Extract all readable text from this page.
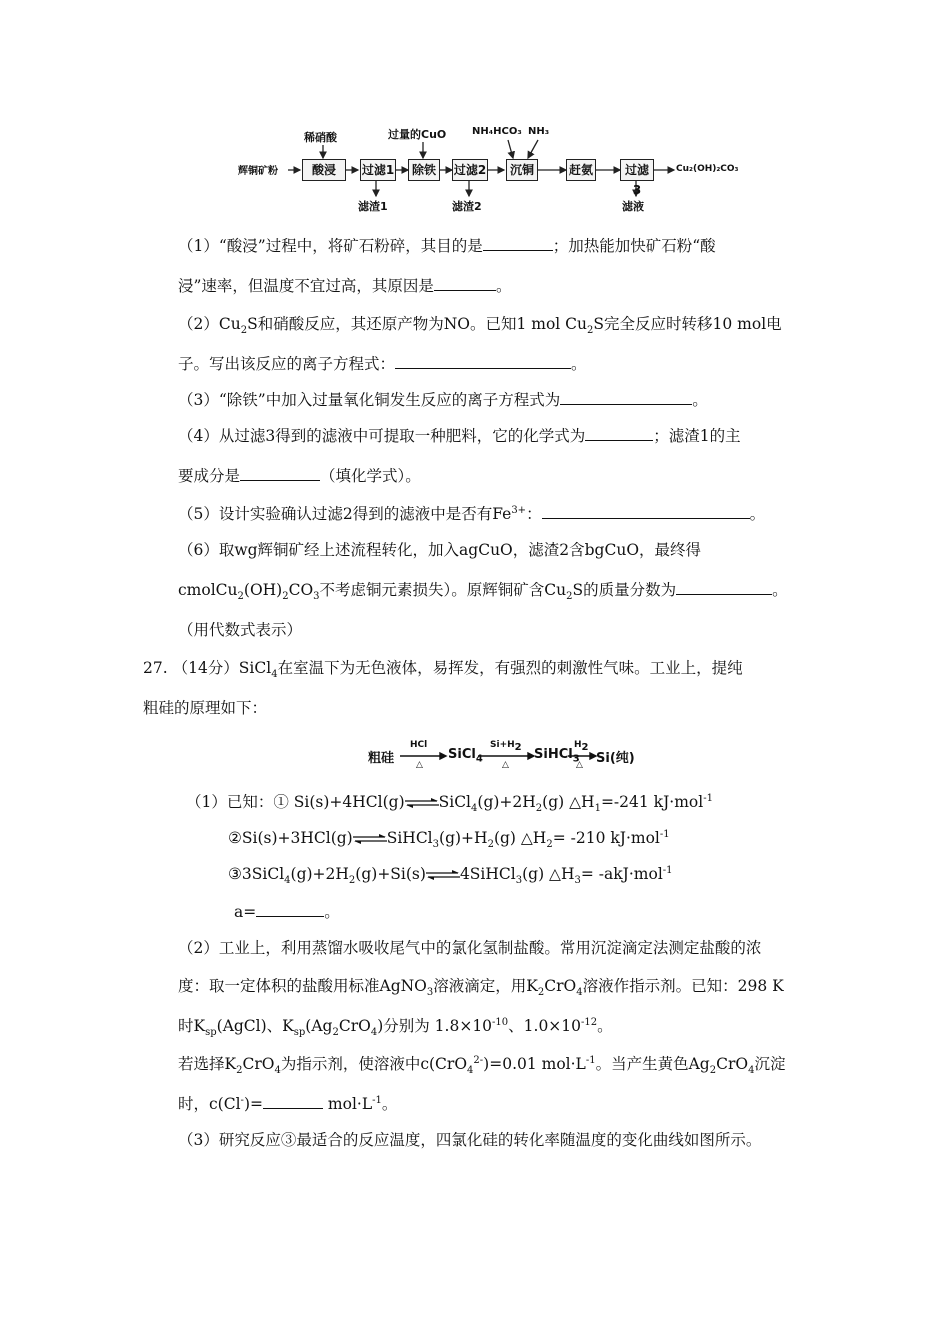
辉铜矿粉	酸浸	过滤1	除铁	过滤2	沉铜	赶氨	过滤3
Cu₂(OH)₂CO₃
稀硝酸	过量的CuO	NH₄HCO₃ NH₃
滤渣1	滤渣2	滤液
（1）“酸浸”过程中，将矿石粉碎，其目的是	；加热能加快矿石粉“酸
浸”速率，但温度不宜过高，其原因是	。
$(2)Cu_2S$和硝酸反应，其还原产物为NO。已知1 mol $Cu_2S$完全反应时转移10 mol电
子。写出该反应的离子方程式：	。
（3）“除铁”中加入过量氧化铜发生反应的离子方程式为	。
（4）从过滤3得到的滤液中可提取一种肥料，它的化学式为	；滤渣1的主
要成分是	（填化学式）。
（5）设计实验确认过滤2得到的滤液中是否有$Fe^{3+}$：	。
（6）取wg辉铜矿经上述流程转化，加入agCuO，滤渣2含bgCuO，最终得
$cmolCu_2(OH)_2CO_3$不考虑铜元素损失）。原辉铜矿含$Cu_2S$的质量分数为	。
（用代数式表示）
27. （14分）SiCl$_4$在室温下为无色液体，易挥发，有强烈的刺激性气味。工业上，提纯
粗硅的原理如下：
粗硅
HCl
△
SiCl$_4$
$Si+H_2$
△
SiHCl$_3$
$H_2$
△ Si(纯)
（1）已知：① Si(s)+4HCl(g) $SiCl_4(g)+2H_2(g)$ $\triangle H_1=-241$ kJ·mol$^{-1}$
②Si(s)+3HCl(g) $SiHCl_3(g)+H_2(g)$ $\triangle H_2= -210$ kJ·mol$^{-1}$
$③3SiCl_4(g)+2H_2(g)+Si(s)$ 4SiHCl$_3$(g) $\triangle H_3= -akJ\cdot mol^{-1}$
a=	。
（2）工业上，利用蒸馏水吸收尾气中的氯化氢制盐酸。常用沉淀滴定法测定盐酸的浓
度：取一定体积的盐酸用标准AgNO$_3$溶液滴定，用$K_2CrO_4$溶液作指示剂。已知：298 K
时$K_{sp}(AgCl)$、$K_{sp}(Ag_2CrO_4)$分别为 $1.8\times 10^{-10}$、$1.0\times 10^{-12}$。
若选择$K_2CrO_4$为指示剂，使溶液中c(CrO$_4^{2-}$)=0.01 $mol\cdot L^{-1}$。当产生黄色$Ag_2CrO_4$沉淀
时，c(Cl-)=	$mol\cdot L^{-1}$。
（3）研究反应③最适合的反应温度，四氯化硅的转化率随温度的变化曲线如图所示。
